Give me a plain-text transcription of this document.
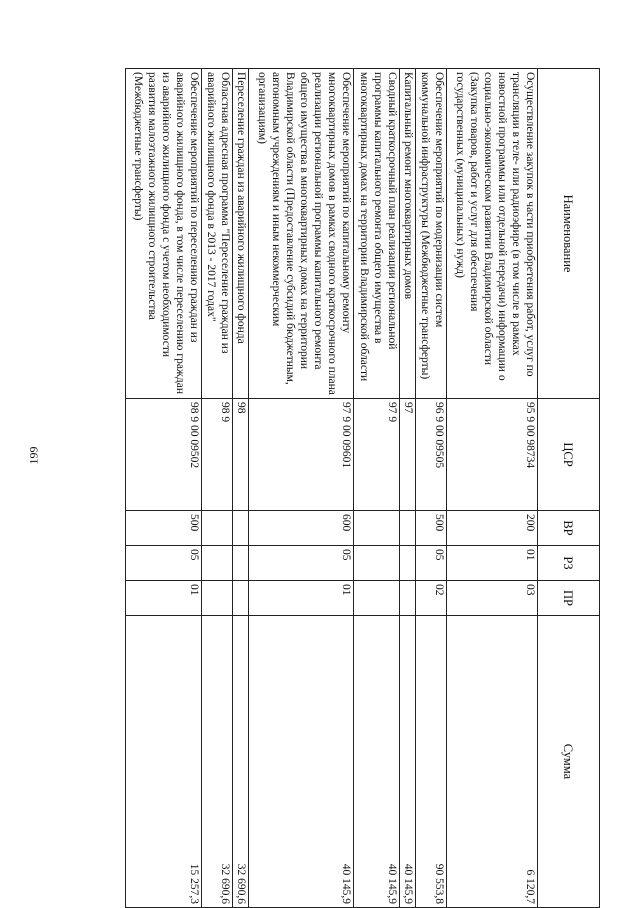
199
Наименование	ЦСР	ВР	РЗ	ПР	Сумма
Осуществление закупок в части приобретения работ, услуг по трансляции в теле- или радиоэфире (в том числе в рамках новостной программы или отдельной передачи) информации о социально-экономическом развитии Владимирской области (Закупка товаров, работ и услуг для обеспечения государственных (муниципальных) нужд)	95 9 00 98734	200	01	03	6 120,7
Обеспечение мероприятий по модернизации систем коммунальной инфраструктуры (Межбюджетные трансферты)	96 9 00 09505	500	05	02	90 553,8
Капитальный ремонт многоквартирных домов	97				40 145,9
Сводный краткосрочный план реализации региональной программы капитального ремонта общего имущества в многоквартирных домах на территории Владимирской области	97 9				40 145,9
Обеспечение мероприятий по капитальному ремонту многоквартирных домов в рамках сводного краткосрочного плана реализации региональной программы капитального ремонта общего имущества в многоквартирных домах на территории Владимирской области (Предоставление субсидий бюджетным, автономным учреждениям и иным некоммерческим организациям)	97 9 00 09601	600	05	01	40 145,9
Переселение граждан из аварийного жилищного фонда	98				32 690,6
Областная адресная программа "Переселение граждан из аварийного жилищного фонда в 2013 - 2017 годах"	98 9				32 690,6
Обеспечение мероприятий по переселению граждан из аварийного жилищного фонда, в том числе переселению граждан из аварийного жилищного фонда с учетом необходимости развития малоэтажного жилищного строительства (Межбюджетные трансферты)	98 9 00 09502	500	05	01	15 257,3
